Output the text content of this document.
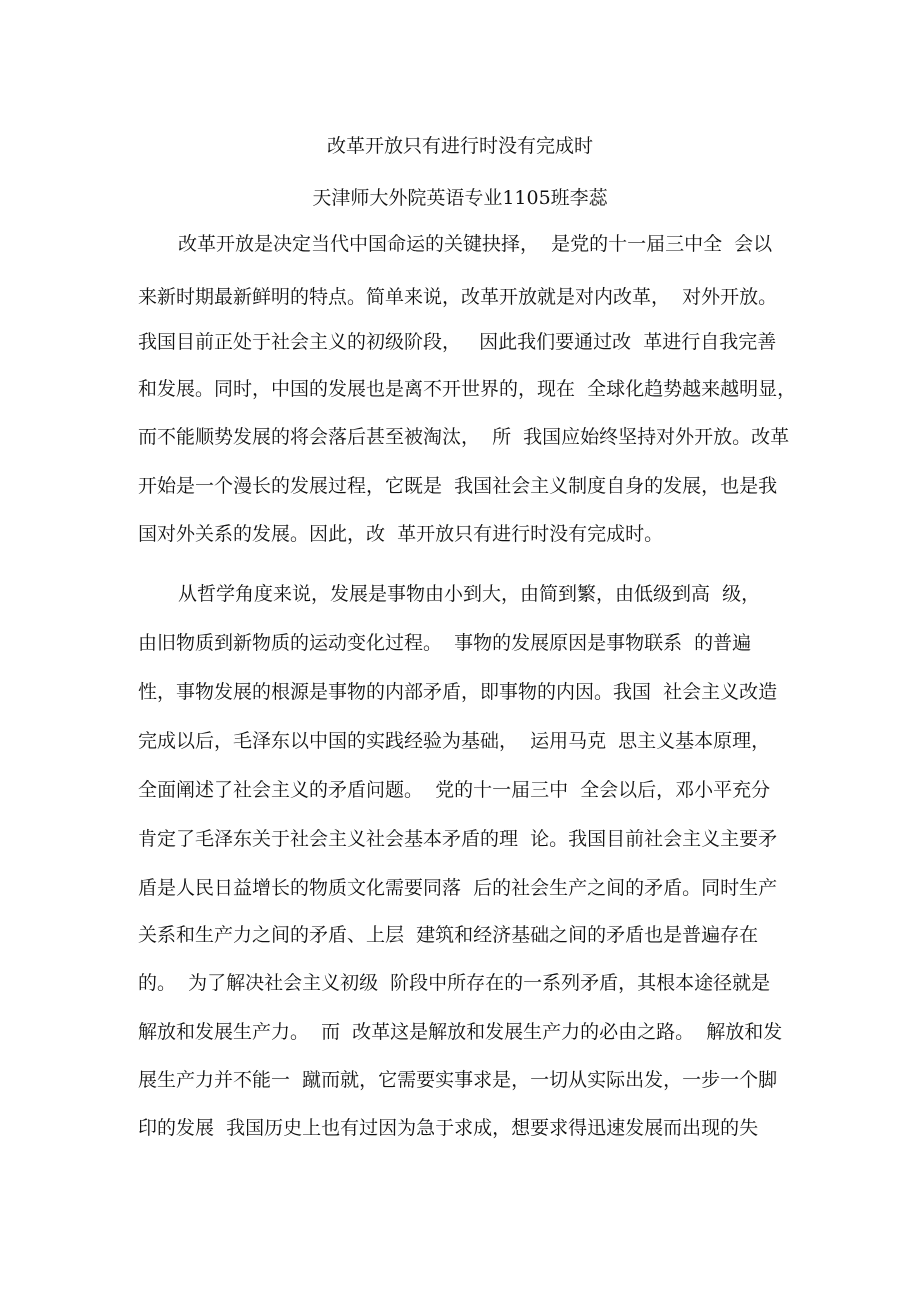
改革开放只有进行时没有完成时
天津师大外院英语专业1105班李蕊
改革开放是决定当代中国命运的关键抉择，  是党的十一届三中全  会以
来新时期最新鲜明的特点。简单来说，改革开放就是对内改革，  对外开放。
我国目前正处于社会主义的初级阶段，   因此我们要通过改  革进行自我完善
和发展。同时，中国的发展也是离不开世界的，现在  全球化趋势越来越明显，
而不能顺势发展的将会落后甚至被淘汰，  所  我国应始终坚持对外开放。改革
开始是一个漫长的发展过程，它既是  我国社会主义制度自身的发展，也是我
国对外关系的发展。因此，改  革开放只有进行时没有完成时。
从哲学角度来说，发展是事物由小到大，由简到繁，由低级到高  级，
由旧物质到新物质的运动变化过程。  事物的发展原因是事物联系  的普遍
性，事物发展的根源是事物的内部矛盾，即事物的内因。我国  社会主义改造
完成以后，毛泽东以中国的实践经验为基础，  运用马克  思主义基本原理，
全面阐述了社会主义的矛盾问题。  党的十一届三中  全会以后，邓小平充分
肯定了毛泽东关于社会主义社会基本矛盾的理  论。我国目前社会主义主要矛
盾是人民日益增长的物质文化需要同落  后的社会生产之间的矛盾。同时生产
关系和生产力之间的矛盾、上层  建筑和经济基础之间的矛盾也是普遍存在
的。  为了解决社会主义初级  阶段中所存在的一系列矛盾，其根本途径就是
解放和发展生产力。  而  改革这是解放和发展生产力的必由之路。  解放和发
展生产力并不能一  蹴而就，它需要实事求是，一切从实际出发，一步一个脚
印的发展  我国历史上也有过因为急于求成，想要求得迅速发展而出现的失
